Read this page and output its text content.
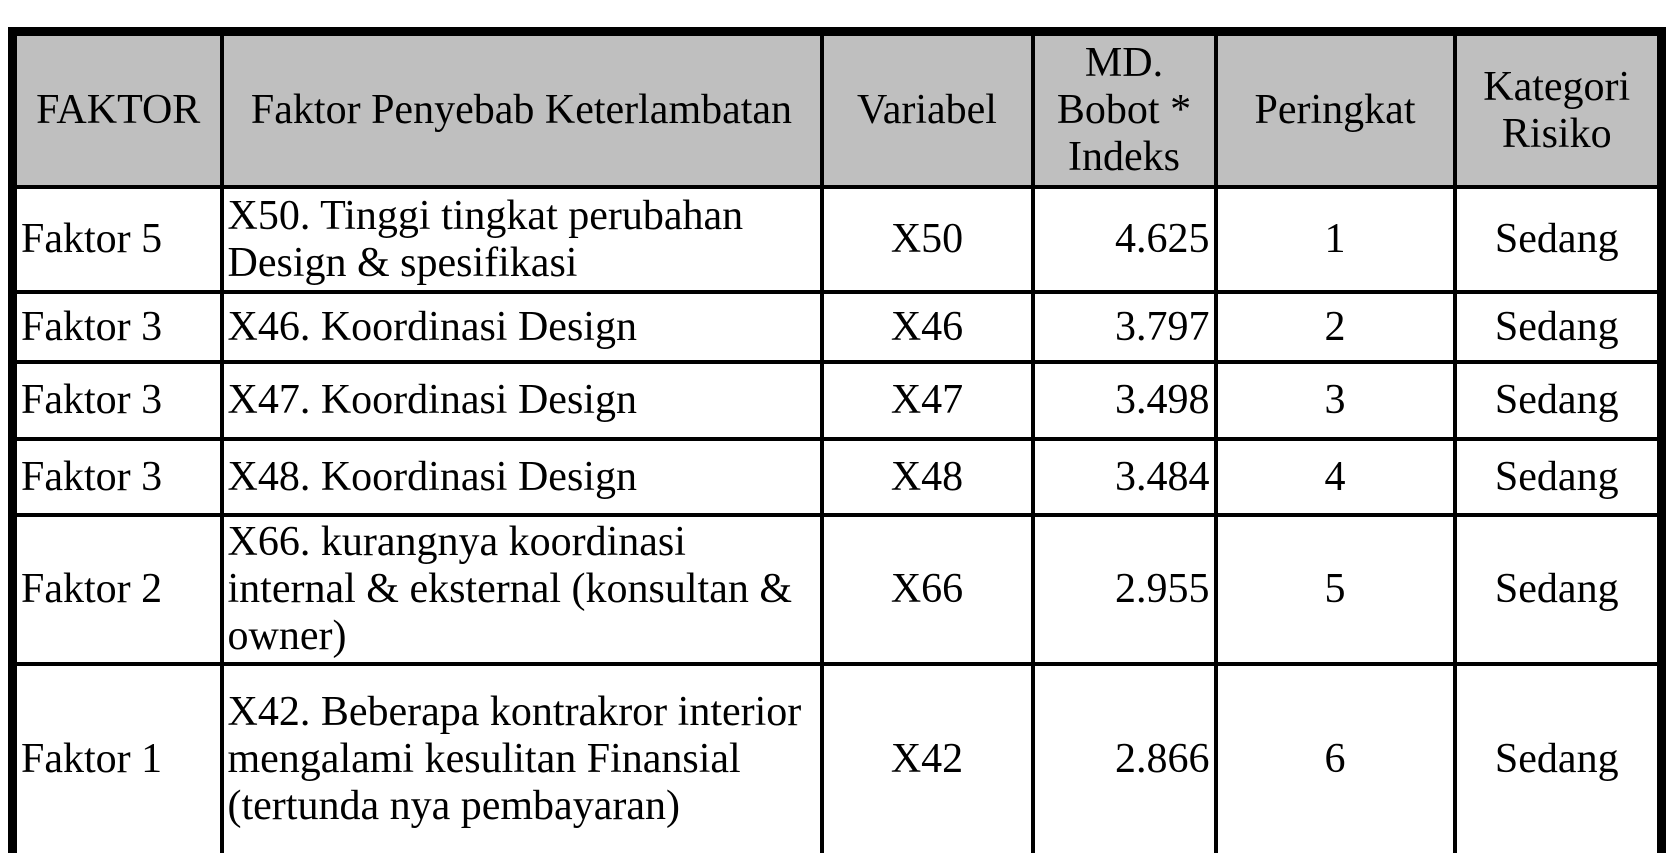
FAKTOR	Faktor Penyebab Keterlambatan	Variabel	MD. Bobot * Indeks	Peringkat	Kategori Risiko
Faktor 5	X50. Tinggi tingkat perubahan Design & spesifikasi	X50	4.625	1	Sedang
Faktor 3	X46. Koordinasi Design	X46	3.797	2	Sedang
Faktor 3	X47. Koordinasi Design	X47	3.498	3	Sedang
Faktor 3	X48. Koordinasi Design	X48	3.484	4	Sedang
Faktor 2	X66. kurangnya koordinasi internal & eksternal (konsultan & owner)	X66	2.955	5	Sedang
Faktor 1	X42. Beberapa kontrakror interior mengalami kesulitan Finansial (tertunda nya pembayaran)	X42	2.866	6	Sedang
